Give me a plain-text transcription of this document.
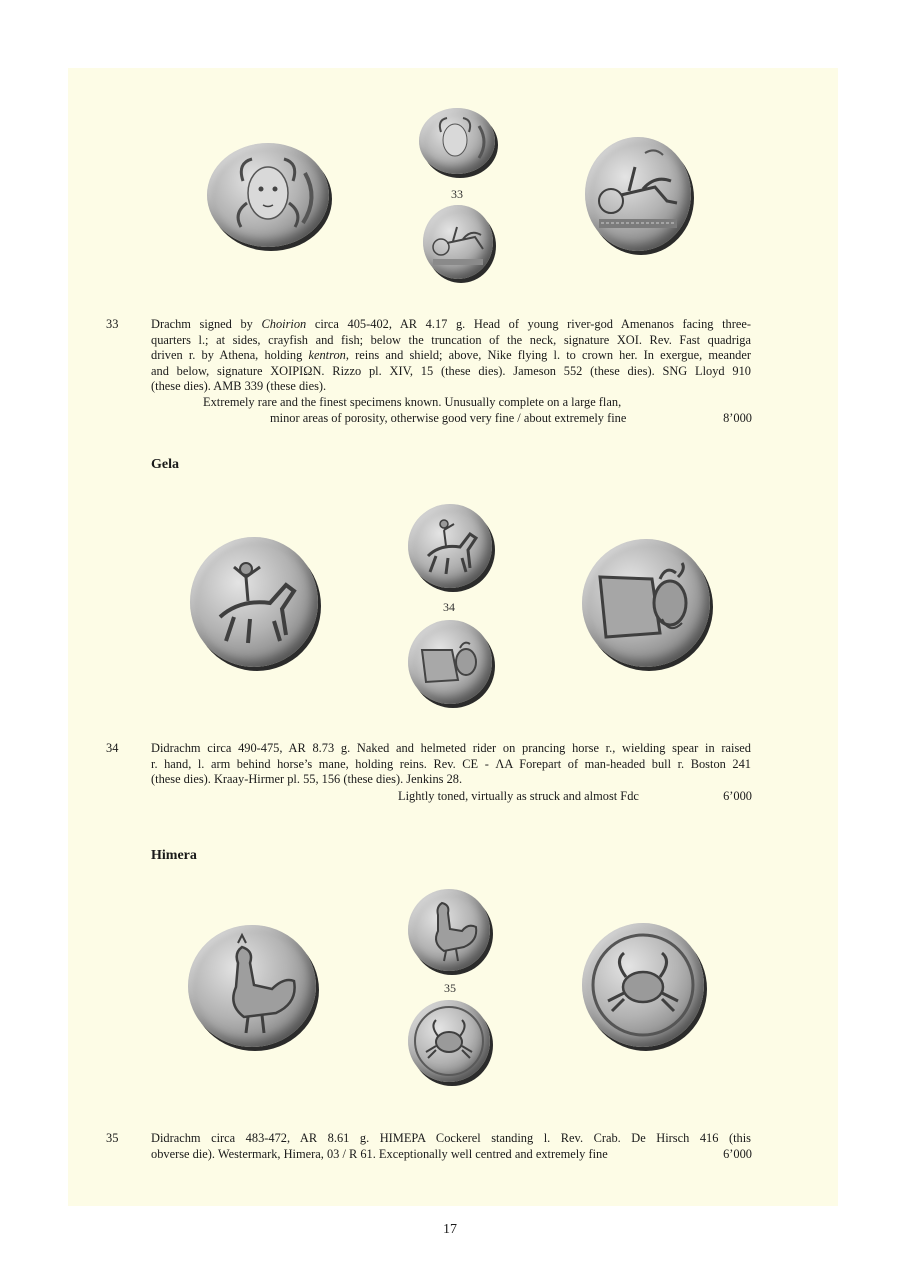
33
33	Drachm signed by Choirion circa 405-402, AR 4.17 g. Head of young river-god Amenanos facing three-
quarters l.; at sides, crayfish and fish; below the truncation of the neck, signature XOI. Rev. Fast quadriga
driven r. by Athena, holding kentron, reins and shield; above, Nike flying l. to crown her. In exergue, meander
and below, signature ΧΟΙΡΙΩΝ. Rizzo pl. XIV, 15 (these dies). Jameson 552 (these dies). SNG Lloyd 910
(these dies). AMB 339 (these dies).
Extremely rare and the finest specimens known. Unusually complete on a large flan,
minor areas of porosity, otherwise good very fine / about extremely fine	8’000
Gela
34
34	Didrachm circa 490-475, AR 8.73 g. Naked and helmeted rider on prancing horse r., wielding spear in raised
r. hand, l. arm behind horse’s mane, holding reins. Rev. CE - ΛΑ Forepart of man-headed bull r. Boston 241
(these dies). Kraay-Hirmer pl. 55, 156 (these dies). Jenkins 28.
Lightly toned, virtually as struck and almost Fdc	6’000
Himera
35
35	Didrachm circa 483-472, AR 8.61 g. HIMEPA Cockerel standing l. Rev. Crab. De Hirsch 416 (this
obverse die). Westermark, Himera, 03 / R 61. Exceptionally well centred and extremely fine	6’000
17
